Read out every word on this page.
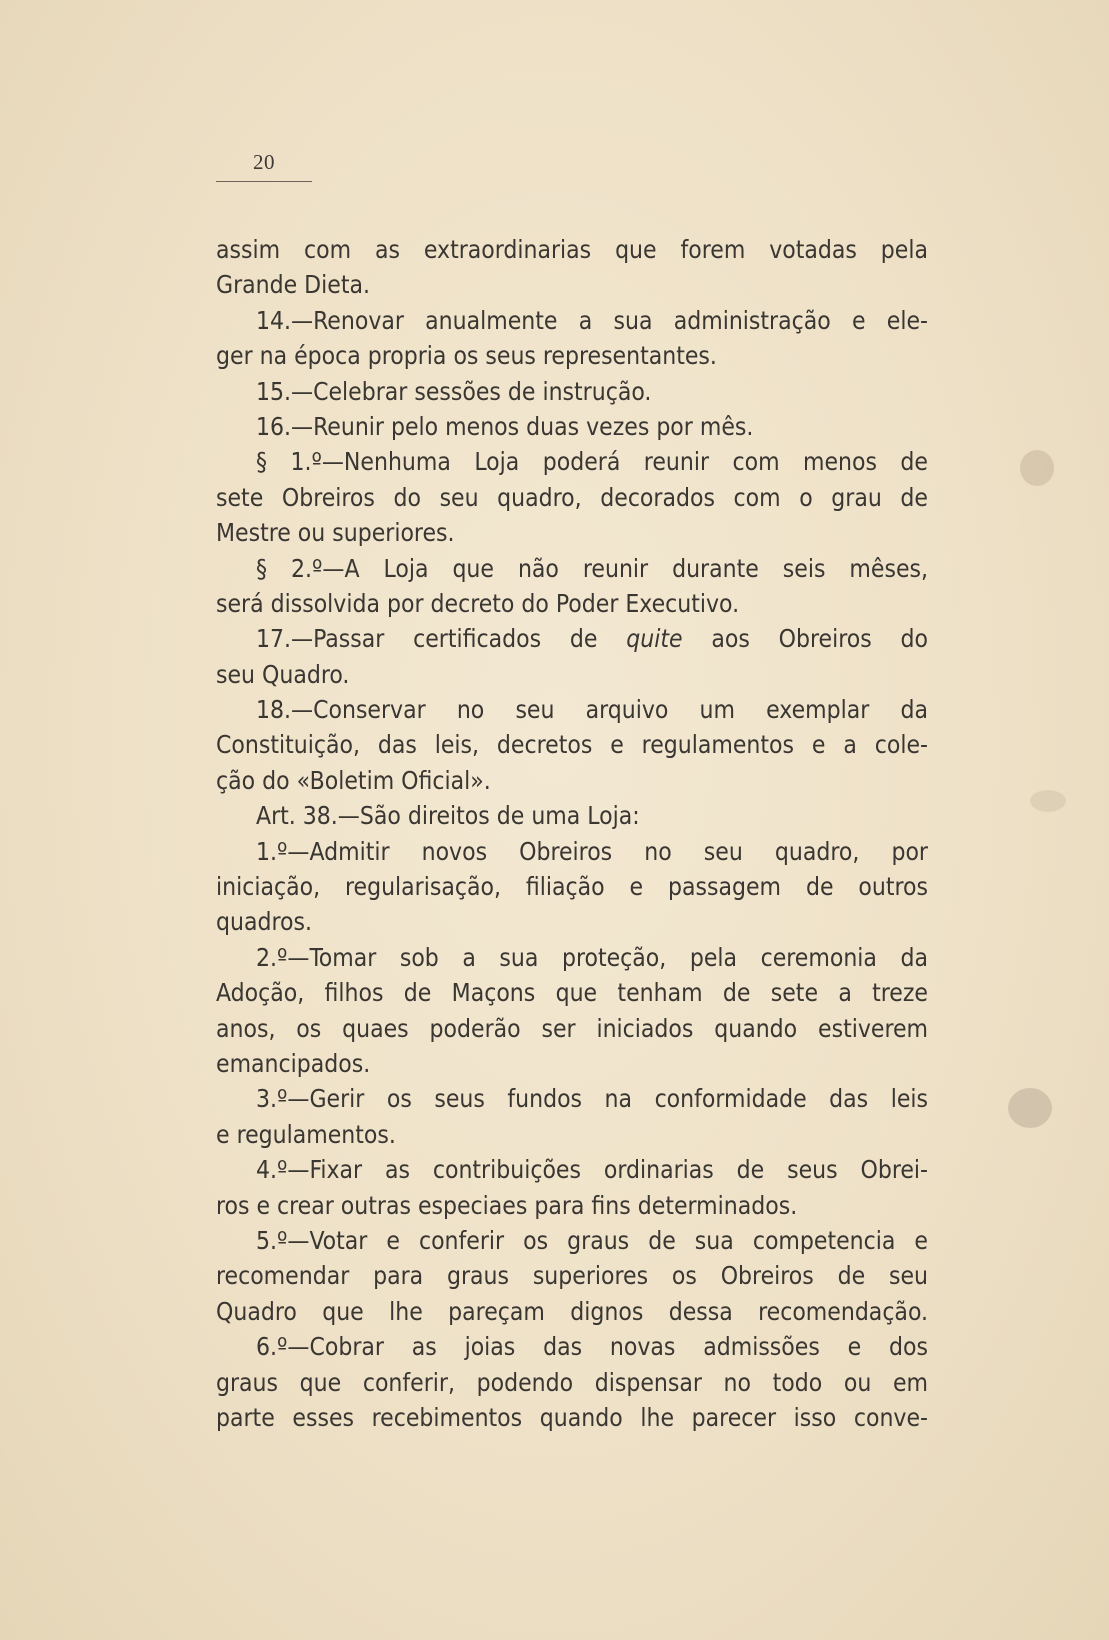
20
assim com as extraordinarias que forem votadas pela
Grande Dieta.
14.—Renovar anualmente a sua administração e ele-
ger na época propria os seus representantes.
15.—Celebrar sessões de instrução.
16.—Reunir pelo menos duas vezes por mês.
§ 1.º—Nenhuma Loja poderá reunir com menos de
sete Obreiros do seu quadro, decorados com o grau de
Mestre ou superiores.
§ 2.º—A Loja que não reunir durante seis mêses,
será dissolvida por decreto do Poder Executivo.
17.—Passar certificados de quite aos Obreiros do
seu Quadro.
18.—Conservar no seu arquivo um exemplar da
Constituição, das leis, decretos e regulamentos e a cole-
ção do «Boletim Oficial».
Art. 38.—São direitos de uma Loja:
1.º—Admitir novos Obreiros no seu quadro, por
iniciação, regularisação, filiação e passagem de outros
quadros.
2.º—Tomar sob a sua proteção, pela ceremonia da
Adoção, filhos de Maçons que tenham de sete a treze
anos, os quaes poderão ser iniciados quando estiverem
emancipados.
3.º—Gerir os seus fundos na conformidade das leis
e regulamentos.
4.º—Fixar as contribuições ordinarias de seus Obrei-
ros e crear outras especiaes para fins determinados.
5.º—Votar e conferir os graus de sua competencia e
recomendar para graus superiores os Obreiros de seu
Quadro que lhe pareçam dignos dessa recomendação.
6.º—Cobrar as joias das novas admissões e dos
graus que conferir, podendo dispensar no todo ou em
parte esses recebimentos quando lhe parecer isso conve-
